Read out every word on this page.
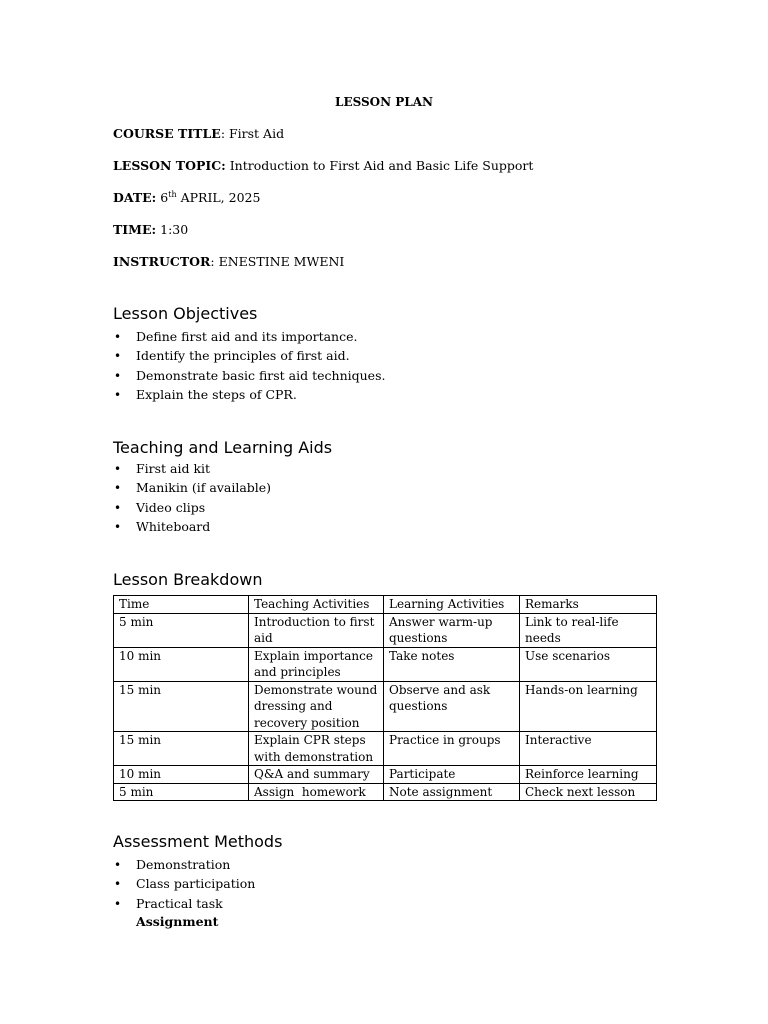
LESSON PLAN
COURSE TITLE: First Aid
LESSON TOPIC: Introduction to First Aid and Basic Life Support
DATE: 6th APRIL, 2025
TIME: 1:30
INSTRUCTOR: ENESTINE MWENI
Lesson Objectives
• Define first aid and its importance.
• Identify the principles of first aid.
• Demonstrate basic first aid techniques.
• Explain the steps of CPR.
Teaching and Learning Aids
• First aid kit
• Manikin (if available)
• Video clips
• Whiteboard
Lesson Breakdown
Time	Teaching Activities	Learning Activities	Remarks
5 min	Introduction to first aid	Answer warm-up questions	Link to real-life needs
10 min	Explain importance and principles	Take notes	Use scenarios
15 min	Demonstrate wound dressing and recovery position	Observe and ask questions	Hands-on learning
15 min	Explain CPR steps with demonstration	Practice in groups	Interactive
10 min	Q&A and summary	Participate	Reinforce learning
5 min	Assign  homework	Note assignment	Check next lesson
Assessment Methods
• Demonstration
• Class participation
• Practical task
Assignment
